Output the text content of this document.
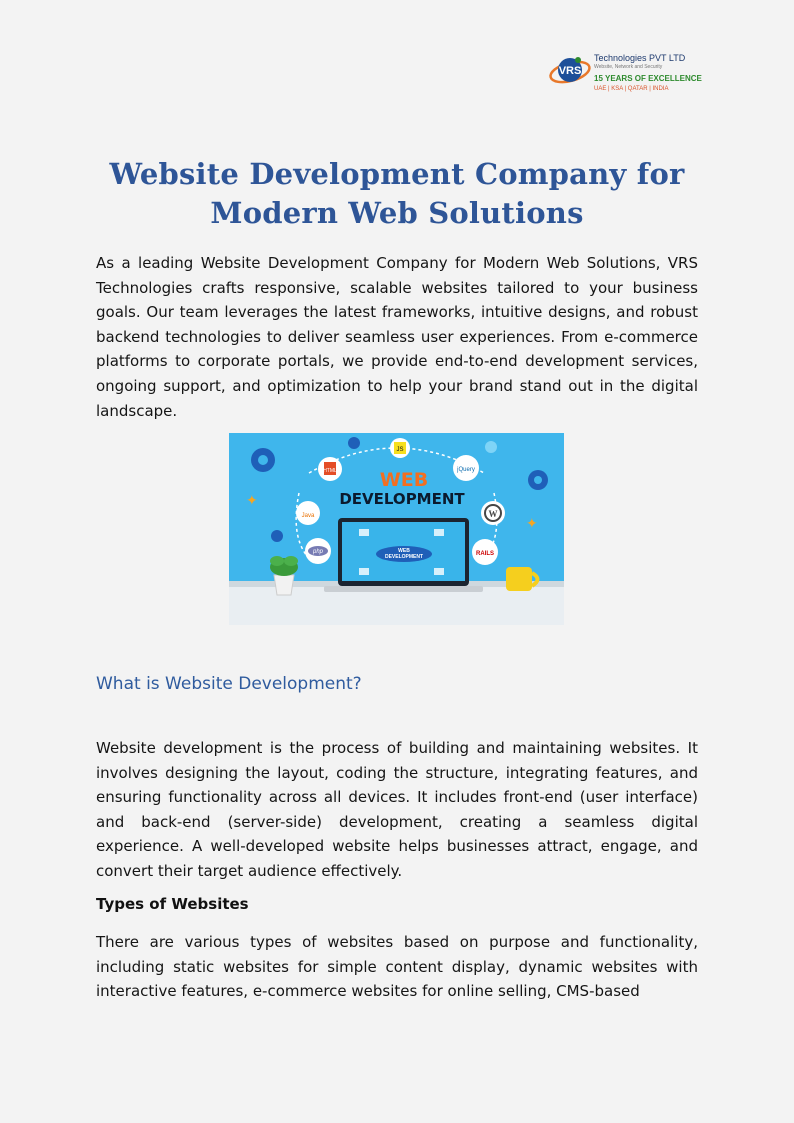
VRS
Technologies PVT LTD
Website, Network and Security
15 YEARS OF EXCELLENCE
UAE | KSA | QATAR | INDIA
Website Development Company for Modern Web Solutions

As a leading Website Development Company for Modern Web Solutions, VRS Technologies crafts responsive, scalable websites tailored to your business goals. Our team leverages the latest frameworks, intuitive designs, and robust backend technologies to deliver seamless user experiences. From e-commerce platforms to corporate portals, we provide end-to-end development services, ongoing support, and optimization to help your brand stand out in the digital landscape.

✦
✦
HTML
JS
jQuery
Java	W
php	RAILS
WEB
DEVELOPMENT
WEB
DEVELOPMENT
What is Website Development?

Website development is the process of building and maintaining websites. It involves designing the layout, coding the structure, integrating features, and ensuring functionality across all devices. It includes front-end (user interface) and back-end (server-side) development, creating a seamless digital experience. A well-developed website helps businesses attract, engage, and convert their target audience effectively.

Types of Websites

There are various types of websites based on purpose and functionality, including static websites for simple content display, dynamic websites with interactive features, e-commerce websites for online selling, CMS-based
